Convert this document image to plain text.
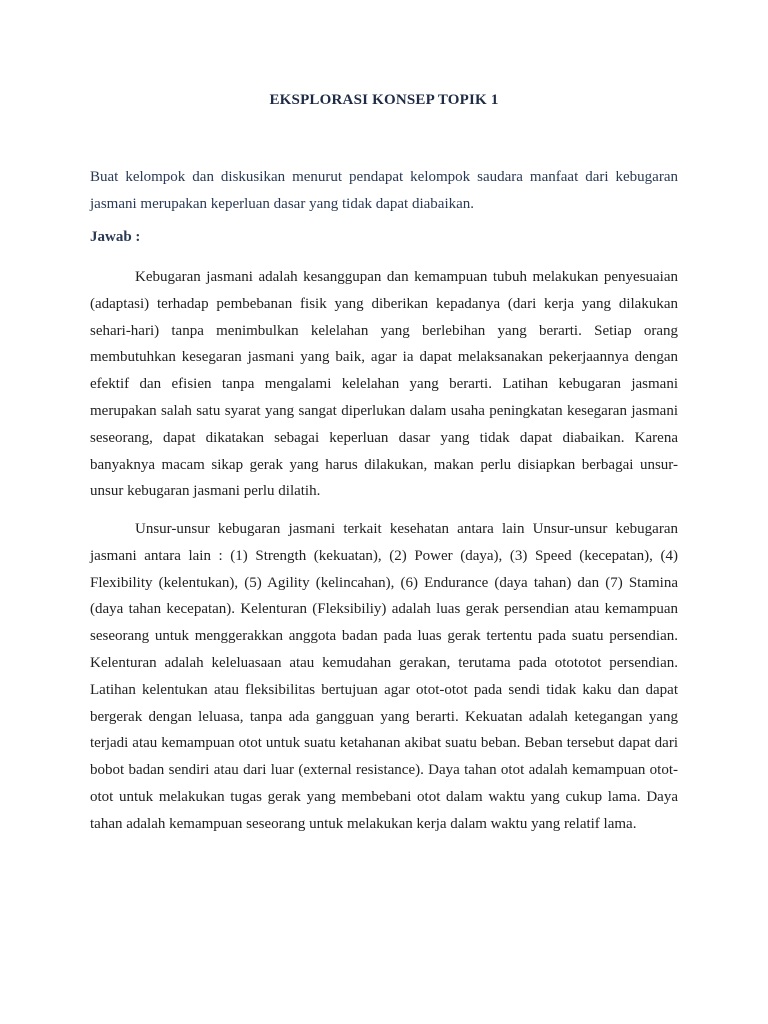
EKSPLORASI KONSEP TOPIK 1
Buat kelompok dan diskusikan menurut pendapat kelompok saudara manfaat dari kebugaran jasmani merupakan keperluan dasar yang tidak dapat diabaikan.
Jawab :
Kebugaran jasmani adalah kesanggupan dan kemampuan tubuh melakukan penyesuaian (adaptasi) terhadap pembebanan fisik yang diberikan kepadanya (dari kerja yang dilakukan sehari-hari) tanpa menimbulkan kelelahan yang berlebihan yang berarti. Setiap orang membutuhkan kesegaran jasmani yang baik, agar ia dapat melaksanakan pekerjaannya dengan efektif dan efisien tanpa mengalami kelelahan yang berarti. Latihan kebugaran jasmani merupakan salah satu syarat yang sangat diperlukan dalam usaha peningkatan kesegaran jasmani seseorang, dapat dikatakan sebagai keperluan dasar yang tidak dapat diabaikan. Karena banyaknya macam sikap gerak yang harus dilakukan, makan perlu disiapkan berbagai unsur-unsur kebugaran jasmani perlu dilatih.
Unsur-unsur kebugaran jasmani terkait kesehatan antara lain Unsur-unsur kebugaran jasmani antara lain : (1) Strength (kekuatan), (2) Power (daya), (3) Speed (kecepatan), (4) Flexibility (kelentukan), (5) Agility (kelincahan), (6) Endurance (daya tahan) dan (7) Stamina (daya tahan kecepatan). Kelenturan (Fleksibiliy) adalah luas gerak persendian atau kemampuan seseorang untuk menggerakkan anggota badan pada luas gerak tertentu pada suatu persendian. Kelenturan adalah keleluasaan atau kemudahan gerakan, terutama pada otototot persendian. Latihan kelentukan atau fleksibilitas bertujuan agar otot-otot pada sendi tidak kaku dan dapat bergerak dengan leluasa, tanpa ada gangguan yang berarti. Kekuatan adalah ketegangan yang terjadi atau kemampuan otot untuk suatu ketahanan akibat suatu beban. Beban tersebut dapat dari bobot badan sendiri atau dari luar (external resistance). Daya tahan otot adalah kemampuan otot-otot untuk melakukan tugas gerak yang membebani otot dalam waktu yang cukup lama. Daya tahan adalah kemampuan seseorang untuk melakukan kerja dalam waktu yang relatif lama.
